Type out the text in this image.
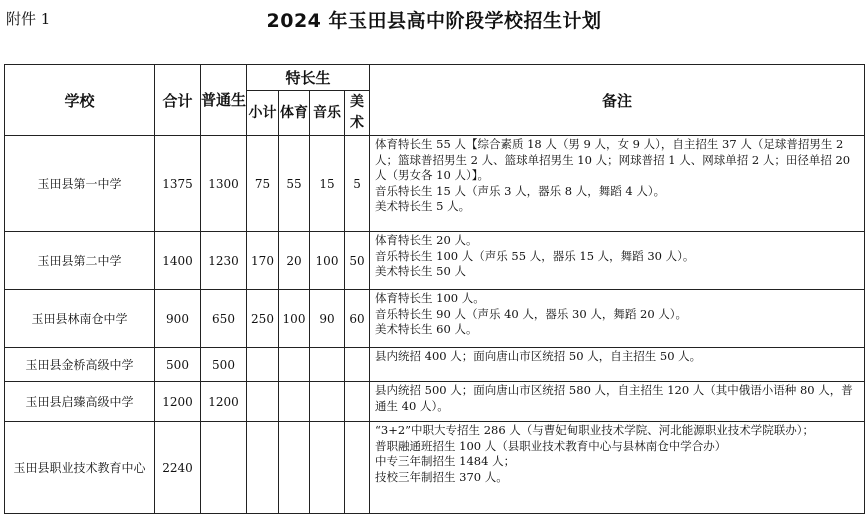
附件 1	2024 年玉田县高中阶段学校招生计划
学校	合计	普通生	特长生				备注
			小计	体育	音乐	美术	
玉田县第一中学	1375	1300	75	55	15	5	体育特长生 55 人【综合素质 18 人（男 9 人，女 9 人），自主招生 37 人（足球普招男生 2 人；篮球普招男生 2 人、篮球单招男生 10 人；网球普招 1 人、网球单招 2 人；田径单招 20 人（男女各 10 人）】。
音乐特长生 15 人（声乐 3 人，器乐 8 人，舞蹈 4 人）。
美术特长生 5 人。

玉田县第二中学	1400	1230	170	20	100	50	体育特长生 20 人。
音乐特长生 100 人（声乐 55 人，器乐 15 人，舞蹈 30 人）。
美术特长生 50 人

玉田县林南仓中学	900	650	250	100	90	60	体育特长生 100 人。
音乐特长生 90 人（声乐 40 人，器乐 30 人，舞蹈 20 人）。
美术特长生 60 人。

玉田县金桥高级中学	500	500					县内统招 400 人；面向唐山市区统招 50 人，自主招生 50 人。

玉田县启臻高级中学	1200	1200					县内统招 500 人；面向唐山市区统招 580 人，自主招生 120 人（其中俄语小语种 80 人，普通生 40 人）。

玉田县职业技术教育中心	2240						“3+2”中职大专招生 286 人（与曹妃甸职业技术学院、河北能源职业技术学院联办）；
普职融通班招生 100 人（县职业技术教育中心与县林南仓中学合办）
中专三年制招生 1484 人；
技校三年制招生 370 人。
